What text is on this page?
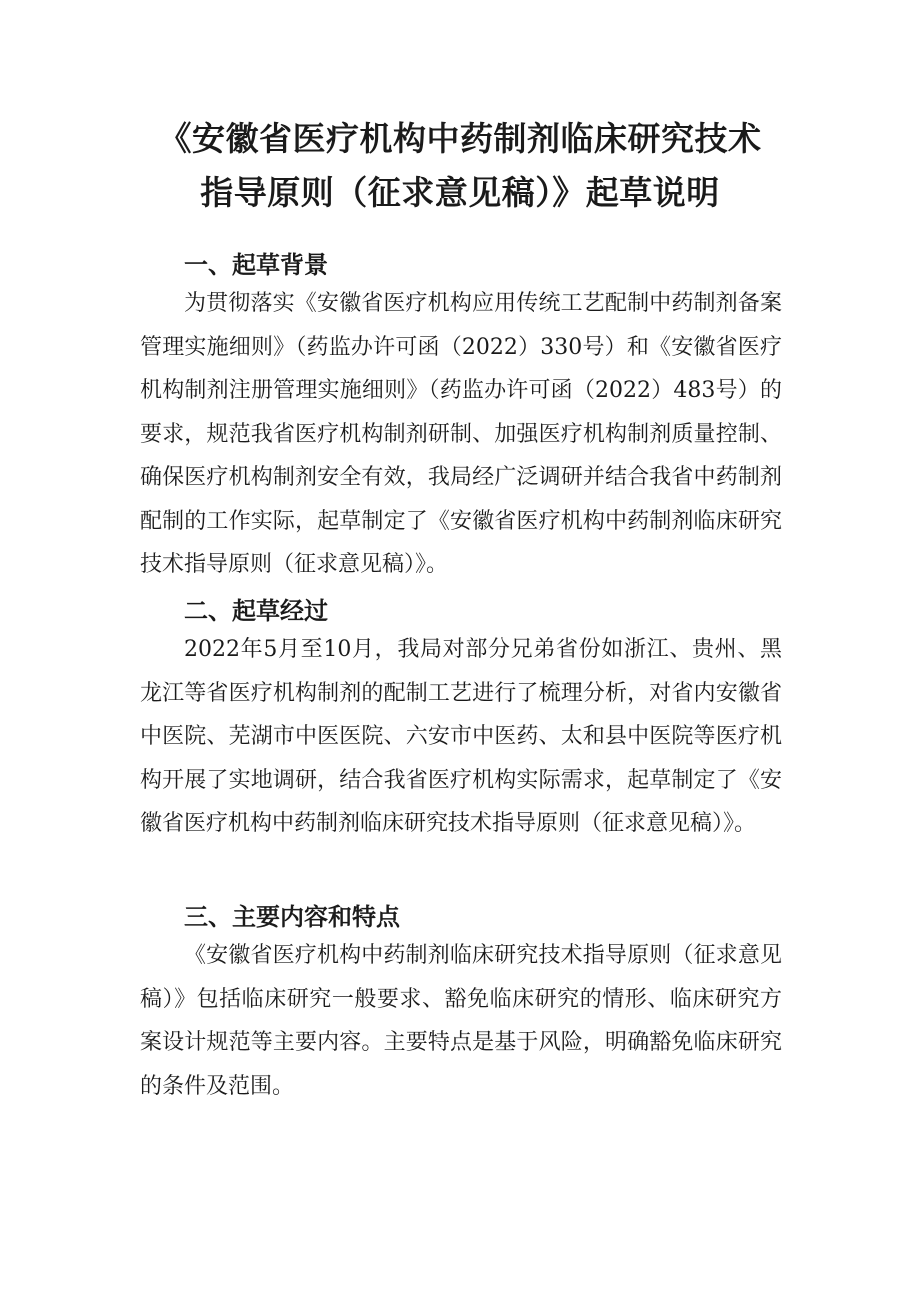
《安徽省医疗机构中药制剂临床研究技术
指导原则（征求意见稿）》起草说明
一、起草背景

为贯彻落实《安徽省医疗机构应用传统工艺配制中药制剂备案管理实施细则》（药监办许可函（2022）330号）和《安徽省医疗机构制剂注册管理实施细则》（药监办许可函（2022）483号）的要求，规范我省医疗机构制剂研制、加强医疗机构制剂质量控制、确保医疗机构制剂安全有效，我局经广泛调研并结合我省中药制剂配制的工作实际，起草制定了《安徽省医疗机构中药制剂临床研究技术指导原则（征求意见稿）》。

二、起草经过

2022年5月至10月，我局对部分兄弟省份如浙江、贵州、黑龙江等省医疗机构制剂的配制工艺进行了梳理分析，对省内安徽省中医院、芜湖市中医医院、六安市中医药、太和县中医院等医疗机构开展了实地调研，结合我省医疗机构实际需求，起草制定了《安徽省医疗机构中药制剂临床研究技术指导原则（征求意见稿）》。

三、主要内容和特点

《安徽省医疗机构中药制剂临床研究技术指导原则（征求意见稿）》包括临床研究一般要求、豁免临床研究的情形、临床研究方案设计规范等主要内容。主要特点是基于风险，明确豁免临床研究的条件及范围。
